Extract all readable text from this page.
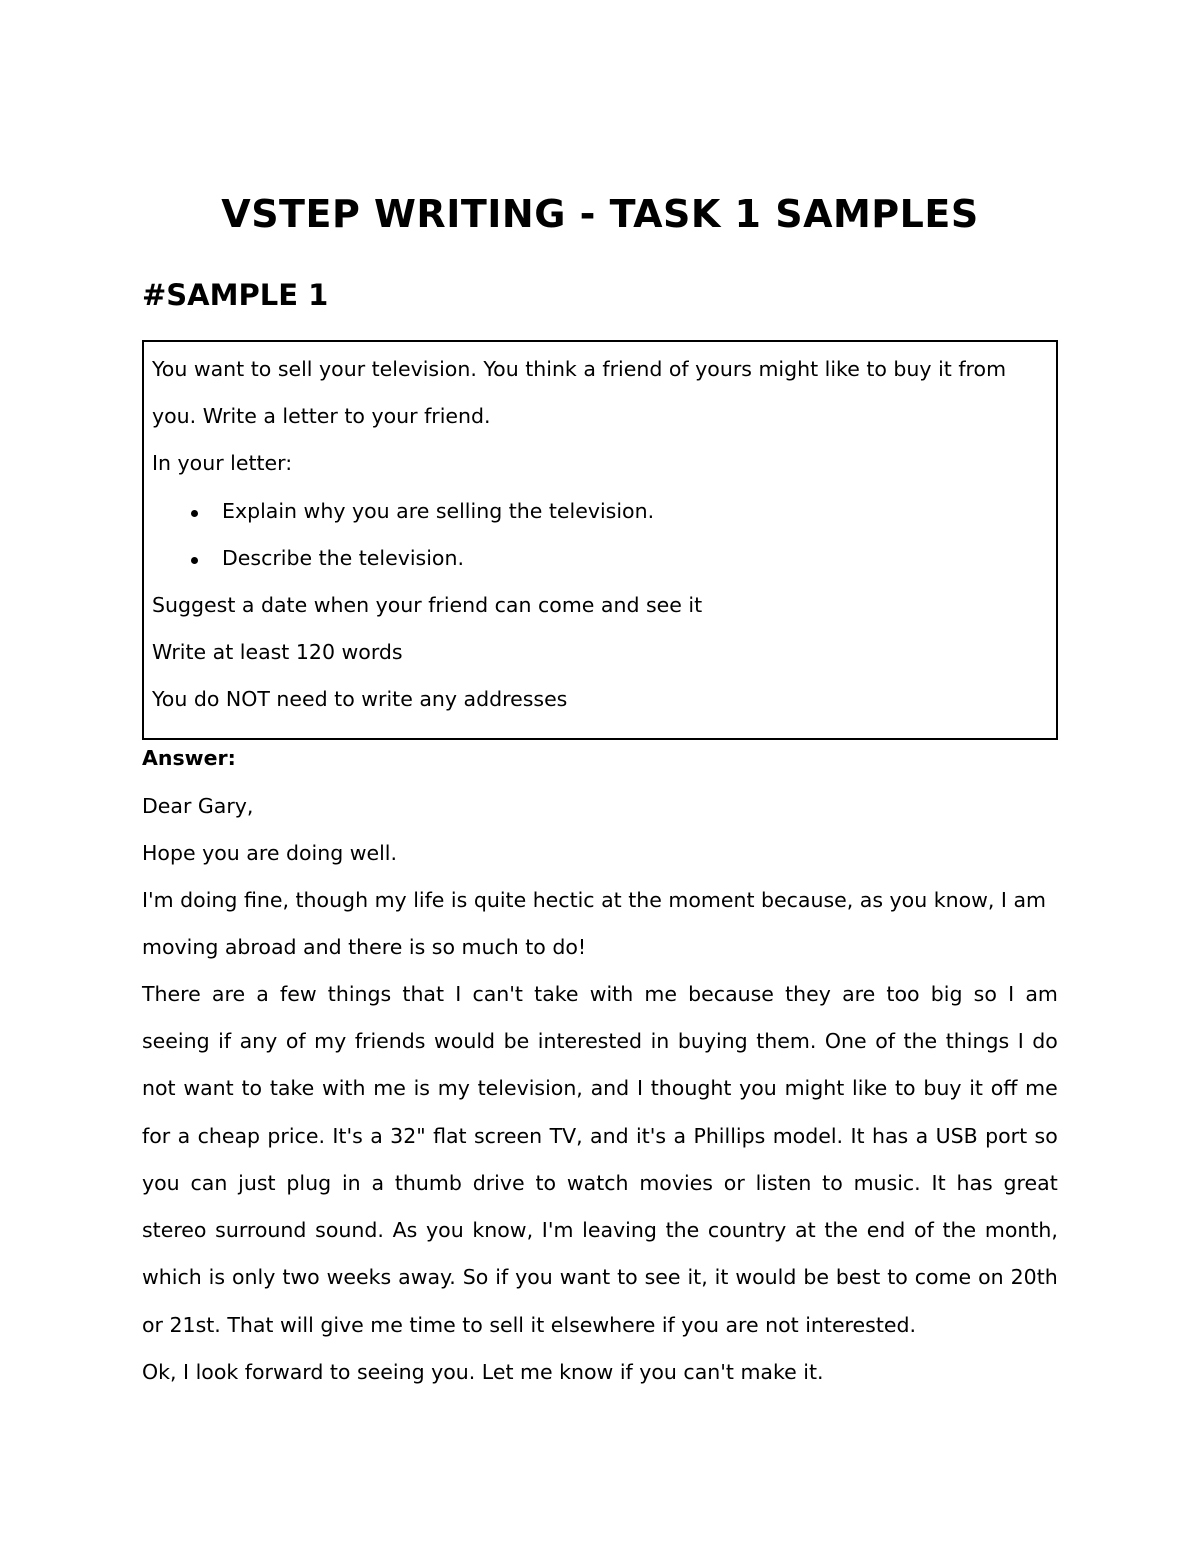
VSTEP WRITING - TASK 1 SAMPLES
#SAMPLE 1
You want to sell your television. You think a friend of yours might like to buy it from
you. Write a letter to your friend.
In your letter:
Explain why you are selling the television.
Describe the television.
Suggest a date when your friend can come and see it
Write at least 120 words
You do NOT need to write any addresses
Answer:
Dear Gary,
Hope you are doing well.
I'm doing fine, though my life is quite hectic at the moment because, as you know, I am
moving abroad and there is so much to do!
There are a few things that I can't take with me because they are too big so I am
seeing if any of my friends would be interested in buying them. One of the things I do
not want to take with me is my television, and I thought you might like to buy it off me
for a cheap price. It's a 32" flat screen TV, and it's a Phillips model. It has a USB port so
you can just plug in a thumb drive to watch movies or listen to music. It has great
stereo surround sound. As you know, I'm leaving the country at the end of the month,
which is only two weeks away. So if you want to see it, it would be best to come on 20th
or 21st. That will give me time to sell it elsewhere if you are not interested.
Ok, I look forward to seeing you. Let me know if you can't make it.
